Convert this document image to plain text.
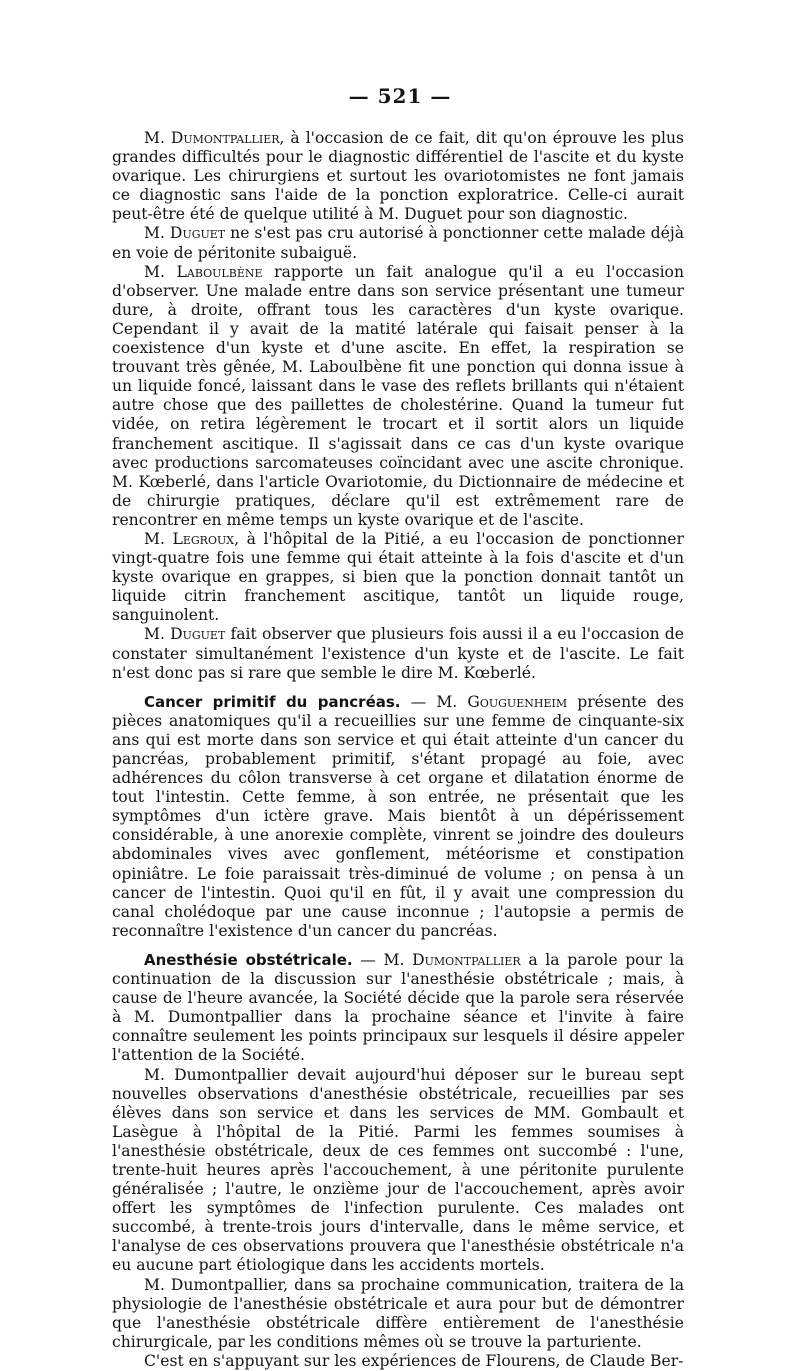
— 521 —

M. Dumontpallier, à l'occasion de ce fait, dit qu'on éprouve les plus grandes difficultés pour le diagnostic différentiel de l'ascite et du kyste ovarique. Les chirurgiens et surtout les ovariotomistes ne font jamais ce diagnostic sans l'aide de la ponction exploratrice. Celle-ci aurait peut-être été de quelque utilité à M. Duguet pour son diagnostic.

M. Duguet ne s'est pas cru autorisé à ponctionner cette malade déjà en voie de péritonite subaiguë.

M. Laboulbène rapporte un fait analogue qu'il a eu l'occasion d'observer. Une malade entre dans son service présentant une tumeur dure, à droite, offrant tous les caractères d'un kyste ovarique. Cependant il y avait de la matité latérale qui faisait penser à la coexistence d'un kyste et d'une ascite. En effet, la respiration se trouvant très gênée, M. Laboulbène fit une ponction qui donna issue à un liquide foncé, laissant dans le vase des reflets brillants qui n'étaient autre chose que des paillettes de cholestérine. Quand la tumeur fut vidée, on retira légèrement le trocart et il sortit alors un liquide franchement ascitique. Il s'agissait dans ce cas d'un kyste ovarique avec productions sarcomateuses coïncidant avec une ascite chronique. M. Kœberlé, dans l'article Ovariotomie, du Dictionnaire de médecine et de chirurgie pratiques, déclare qu'il est extrêmement rare de rencontrer en même temps un kyste ovarique et de l'ascite.

M. Legroux, à l'hôpital de la Pitié, a eu l'occasion de ponctionner vingt-quatre fois une femme qui était atteinte à la fois d'ascite et d'un kyste ovarique en grappes, si bien que la ponction donnait tantôt un liquide citrin franchement ascitique, tantôt un liquide rouge, sanguinolent.

M. Duguet fait observer que plusieurs fois aussi il a eu l'occasion de constater simultanément l'existence d'un kyste et de l'ascite. Le fait n'est donc pas si rare que semble le dire M. Kœberlé.

Cancer primitif du pancréas. — M. Gouguenheim présente des pièces anatomiques qu'il a recueillies sur une femme de cinquante-six ans qui est morte dans son service et qui était atteinte d'un cancer du pancréas, probablement primitif, s'étant propagé au foie, avec adhérences du côlon transverse à cet organe et dilatation énorme de tout l'intestin. Cette femme, à son entrée, ne présentait que les symptômes d'un ictère grave. Mais bientôt à un dépérissement considérable, à une anorexie complète, vinrent se joindre des douleurs abdominales vives avec gonflement, météorisme et constipation opiniâtre. Le foie paraissait très-diminué de volume ; on pensa à un cancer de l'intestin. Quoi qu'il en fût, il y avait une compression du canal cholédoque par une cause inconnue ; l'autopsie a permis de reconnaître l'existence d'un cancer du pancréas.

Anesthésie obstétricale. — M. Dumontpallier a la parole pour la continuation de la discussion sur l'anesthésie obstétricale ; mais, à cause de l'heure avancée, la Société décide que la parole sera réservée à M. Dumontpallier dans la prochaine séance et l'invite à faire connaître seulement les points principaux sur lesquels il désire appeler l'attention de la Société.

M. Dumontpallier devait aujourd'hui déposer sur le bureau sept nouvelles observations d'anesthésie obstétricale, recueillies par ses élèves dans son service et dans les services de MM. Gombault et Lasègue à l'hôpital de la Pitié. Parmi les femmes soumises à l'anesthésie obstétricale, deux de ces femmes ont succombé : l'une, trente-huit heures après l'accouchement, à une péritonite purulente généralisée ; l'autre, le onzième jour de l'accouchement, après avoir offert les symptômes de l'infection purulente. Ces malades ont succombé, à trente-trois jours d'intervalle, dans le même service, et l'analyse de ces observations prouvera que l'anesthésie obstétricale n'a eu aucune part étiologique dans les accidents mortels.

M. Dumontpallier, dans sa prochaine communication, traitera de la physiologie de l'anesthésie obstétricale et aura pour but de démontrer que l'anesthésie obstétricale diffère entièrement de l'anesthésie chirurgicale, par les conditions mêmes où se trouve la parturiente.

C'est en s'appuyant sur les expériences de Flourens, de Claude Ber-
